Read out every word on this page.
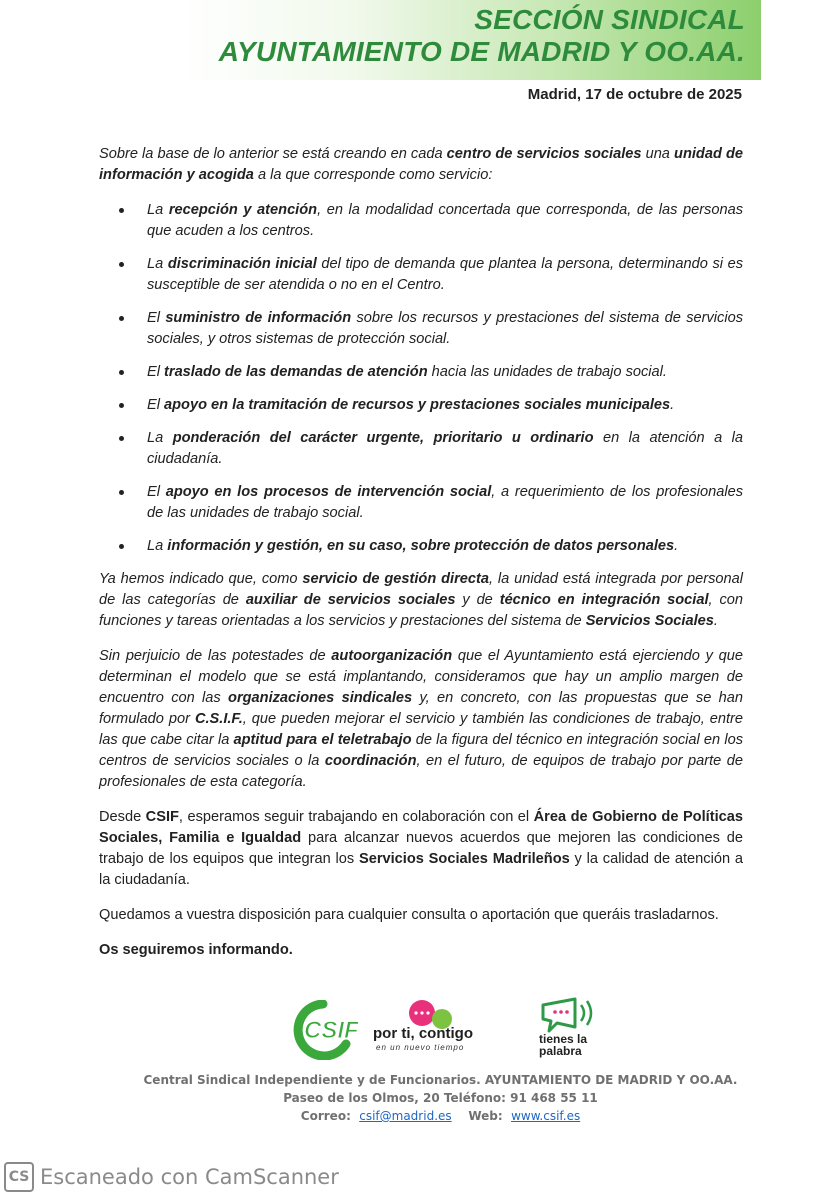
SECCIÓN SINDICAL
AYUNTAMIENTO DE MADRID Y OO.AA.
Madrid, 17 de octubre de 2025

Sobre la base de lo anterior se está creando en cada centro de servicios sociales una unidad de información y acogida a la que corresponde como servicio:

La recepción y atención, en la modalidad concertada que corresponda, de las personas que acuden a los centros.
La discriminación inicial del tipo de demanda que plantea la persona, determinando si es susceptible de ser atendida o no en el Centro.
El suministro de información sobre los recursos y prestaciones del sistema de servicios sociales, y otros sistemas de protección social.
El traslado de las demandas de atención hacia las unidades de trabajo social.
El apoyo en la tramitación de recursos y prestaciones sociales municipales.
La ponderación del carácter urgente, prioritario u ordinario en la atención a la ciudadanía.
El apoyo en los procesos de intervención social, a requerimiento de los profesionales de las unidades de trabajo social.
La información y gestión, en su caso, sobre protección de datos personales.

Ya hemos indicado que, como servicio de gestión directa, la unidad está integrada por personal de las categorías de auxiliar de servicios sociales y de técnico en integración social, con funciones y tareas orientadas a los servicios y prestaciones del sistema de Servicios Sociales.

Sin perjuicio de las potestades de autoorganización que el Ayuntamiento está ejerciendo y que determinan el modelo que se está implantando, consideramos que hay un amplio margen de encuentro con las organizaciones sindicales y, en concreto, con las propuestas que se han formulado por C.S.I.F., que pueden mejorar el servicio y también las condiciones de trabajo, entre las que cabe citar la aptitud para el teletrabajo de la figura del técnico en integración social en los centros de servicios sociales o la coordinación, en el futuro, de equipos de trabajo por parte de profesionales de esta categoría.

Desde CSIF, esperamos seguir trabajando en colaboración con el Área de Gobierno de Políticas Sociales, Familia e Igualdad para alcanzar nuevos acuerdos que mejoren las condiciones de trabajo de los equipos que integran los Servicios Sociales Madrileños y la calidad de atención a la ciudadanía.

Quedamos a vuestra disposición para cualquier consulta o aportación que queráis trasladarnos.

Os seguiremos informando.

CSIF por ti, contigo
en un nuevo tiempo
tienes la
palabra
Central Sindical Independiente y de Funcionarios. AYUNTAMIENTO DE MADRID Y OO.AA.
Paseo de los Olmos, 20 Teléfono: 91 468 55 11
Correo: csif@madrid.es Web: www.csif.es
CS Escaneado con CamScanner
